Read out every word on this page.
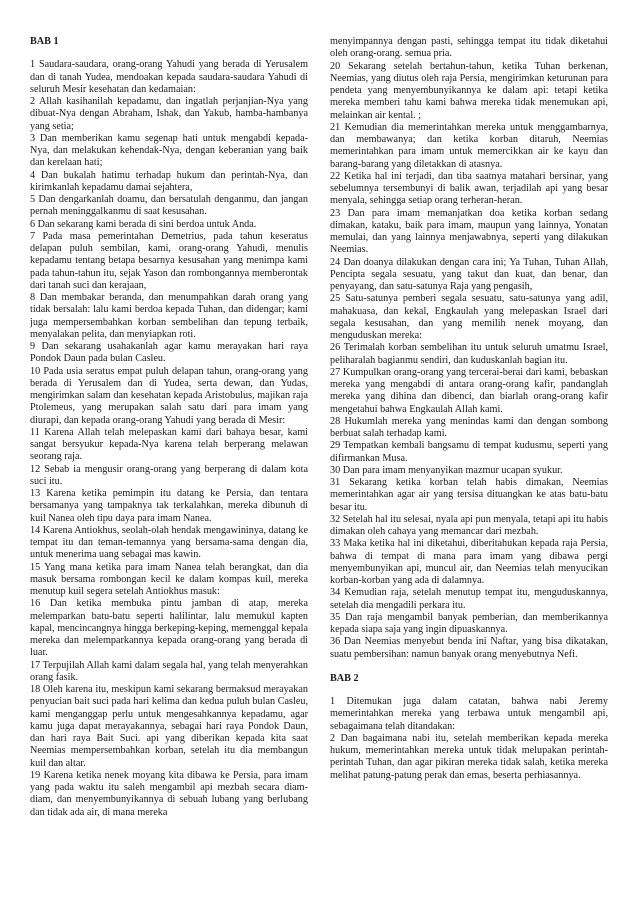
BAB 1

1 Saudara-saudara, orang-orang Yahudi yang berada di Yerusalem dan di tanah Yudea, mendoakan kepada saudara-saudara Yahudi di seluruh Mesir kesehatan dan kedamaian:

2 Allah kasihanilah kepadamu, dan ingatlah perjanjian-Nya yang dibuat-Nya dengan Abraham, Ishak, dan Yakub, hamba-hambanya yang setia;

3 Dan memberikan kamu segenap hati untuk mengabdi kepada-Nya, dan melakukan kehendak-Nya, dengan keberanian yang baik dan kerelaan hati;

4 Dan bukalah hatimu terhadap hukum dan perintah-Nya, dan kirimkanlah kepadamu damai sejahtera,

5 Dan dengarkanlah doamu, dan bersatulah denganmu, dan jangan pernah meninggalkanmu di saat kesusahan.

6 Dan sekarang kami berada di sini berdoa untuk Anda.

7 Pada masa pemerintahan Demetrius, pada tahun keseratus delapan puluh sembilan, kami, orang-orang Yahudi, menulis kepadamu tentang betapa besarnya kesusahan yang menimpa kami pada tahun-tahun itu, sejak Yason dan rombongannya memberontak dari tanah suci dan kerajaan,

8 Dan membakar beranda, dan menumpahkan darah orang yang tidak bersalah: lalu kami berdoa kepada Tuhan, dan didengar; kami juga mempersembahkan korban sembelihan dan tepung terbaik, menyalakan pelita, dan menyiapkan roti.

9 Dan sekarang usahakanlah agar kamu merayakan hari raya Pondok Daun pada bulan Casleu.

10 Pada usia seratus empat puluh delapan tahun, orang-orang yang berada di Yerusalem dan di Yudea, serta dewan, dan Yudas, mengirimkan salam dan kesehatan kepada Aristobulus, majikan raja Ptolemeus, yang merupakan salah satu dari para imam yang diurapi, dan kepada orang-orang Yahudi yang berada di Mesir:

11 Karena Allah telah melepaskan kami dari bahaya besar, kami sangat bersyukur kepada-Nya karena telah berperang melawan seorang raja.

12 Sebab ia mengusir orang-orang yang berperang di dalam kota suci itu.

13 Karena ketika pemimpin itu datang ke Persia, dan tentara bersamanya yang tampaknya tak terkalahkan, mereka dibunuh di kuil Nanea oleh tipu daya para imam Nanea.

14 Karena Antiokhus, seolah-olah hendak mengawininya, datang ke tempat itu dan teman-temannya yang bersama-sama dengan dia, untuk menerima uang sebagai mas kawin.

15 Yang mana ketika para imam Nanea telah berangkat, dan dia masuk bersama rombongan kecil ke dalam kompas kuil, mereka menutup kuil segera setelah Antiokhus masuk:

16 Dan ketika membuka pintu jamban di atap, mereka melemparkan batu-batu seperti halilintar, lalu memukul kapten kapal, mencincangnya hingga berkeping-keping, memenggal kepala mereka dan melemparkannya kepada orang-orang yang berada di luar.

17 Terpujilah Allah kami dalam segala hal, yang telah menyerahkan orang fasik.

18 Oleh karena itu, meskipun kami sekarang bermaksud merayakan penyucian bait suci pada hari kelima dan kedua puluh bulan Casleu, kami menganggap perlu untuk mengesahkannya kepadamu, agar kamu juga dapat merayakannya, sebagai hari raya Pondok Daun, dan hari raya Bait Suci. api yang diberikan kepada kita saat Neemias mempersembahkan korban, setelah itu dia membangun kuil dan altar.

19 Karena ketika nenek moyang kita dibawa ke Persia, para imam yang pada waktu itu saleh mengambil api mezbah secara diam-diam, dan menyembunyikannya di sebuah lubang yang berlubang dan tidak ada air, di mana mereka

menyimpannya dengan pasti, sehingga tempat itu tidak diketahui oleh orang-orang. semua pria.

20 Sekarang setelah bertahun-tahun, ketika Tuhan berkenan, Neemias, yang diutus oleh raja Persia, mengirimkan keturunan para pendeta yang menyembunyikannya ke dalam api: tetapi ketika mereka memberi tahu kami bahwa mereka tidak menemukan api, melainkan air kental. ;

21 Kemudian dia memerintahkan mereka untuk menggambarnya, dan membawanya; dan ketika korban ditaruh, Neemias memerintahkan para imam untuk memercikkan air ke kayu dan barang-barang yang diletakkan di atasnya.

22 Ketika hal ini terjadi, dan tiba saatnya matahari bersinar, yang sebelumnya tersembunyi di balik awan, terjadilah api yang besar menyala, sehingga setiap orang terheran-heran.

23 Dan para imam memanjatkan doa ketika korban sedang dimakan, kataku, baik para imam, maupun yang lainnya, Yonatan memulai, dan yang lainnya menjawabnya, seperti yang dilakukan Neemias.

24 Dan doanya dilakukan dengan cara ini; Ya Tuhan, Tuhan Allah, Pencipta segala sesuatu, yang takut dan kuat, dan benar, dan penyayang, dan satu-satunya Raja yang pengasih,

25 Satu-satunya pemberi segala sesuatu, satu-satunya yang adil, mahakuasa, dan kekal, Engkaulah yang melepaskan Israel dari segala kesusahan, dan yang memilih nenek moyang, dan menguduskan mereka:

26 Terimalah korban sembelihan itu untuk seluruh umatmu Israel, peliharalah bagianmu sendiri, dan kuduskanlah bagian itu.

27 Kumpulkan orang-orang yang tercerai-berai dari kami, bebaskan mereka yang mengabdi di antara orang-orang kafir, pandanglah mereka yang dihina dan dibenci, dan biarlah orang-orang kafir mengetahui bahwa Engkaulah Allah kami.

28 Hukumlah mereka yang menindas kami dan dengan sombong berbuat salah terhadap kami.

29 Tempatkan kembali bangsamu di tempat kudusmu, seperti yang difirmankan Musa.

30 Dan para imam menyanyikan mazmur ucapan syukur.

31 Sekarang ketika korban telah habis dimakan, Neemias memerintahkan agar air yang tersisa dituangkan ke atas batu-batu besar itu.

32 Setelah hal itu selesai, nyala api pun menyala, tetapi api itu habis dimakan oleh cahaya yang memancar dari mezbah.

33 Maka ketika hal ini diketahui, diberitahukan kepada raja Persia, bahwa di tempat di mana para imam yang dibawa pergi menyembunyikan api, muncul air, dan Neemias telah menyucikan korban-korban yang ada di dalamnya.

34 Kemudian raja, setelah menutup tempat itu, menguduskannya, setelah dia mengadili perkara itu.

35 Dan raja mengambil banyak pemberian, dan memberikannya kepada siapa saja yang ingin dipuaskannya.

36 Dan Neemias menyebut benda ini Naftar, yang bisa dikatakan, suatu pembersihan: namun banyak orang menyebutnya Nefi.

BAB 2

1 Ditemukan juga dalam catatan, bahwa nabi Jeremy memerintahkan mereka yang terbawa untuk mengambil api, sebagaimana telah ditandakan:

2 Dan bagaimana nabi itu, setelah memberikan kepada mereka hukum, memerintahkan mereka untuk tidak melupakan perintah-perintah Tuhan, dan agar pikiran mereka tidak salah, ketika mereka melihat patung-patung perak dan emas, beserta perhiasannya.
